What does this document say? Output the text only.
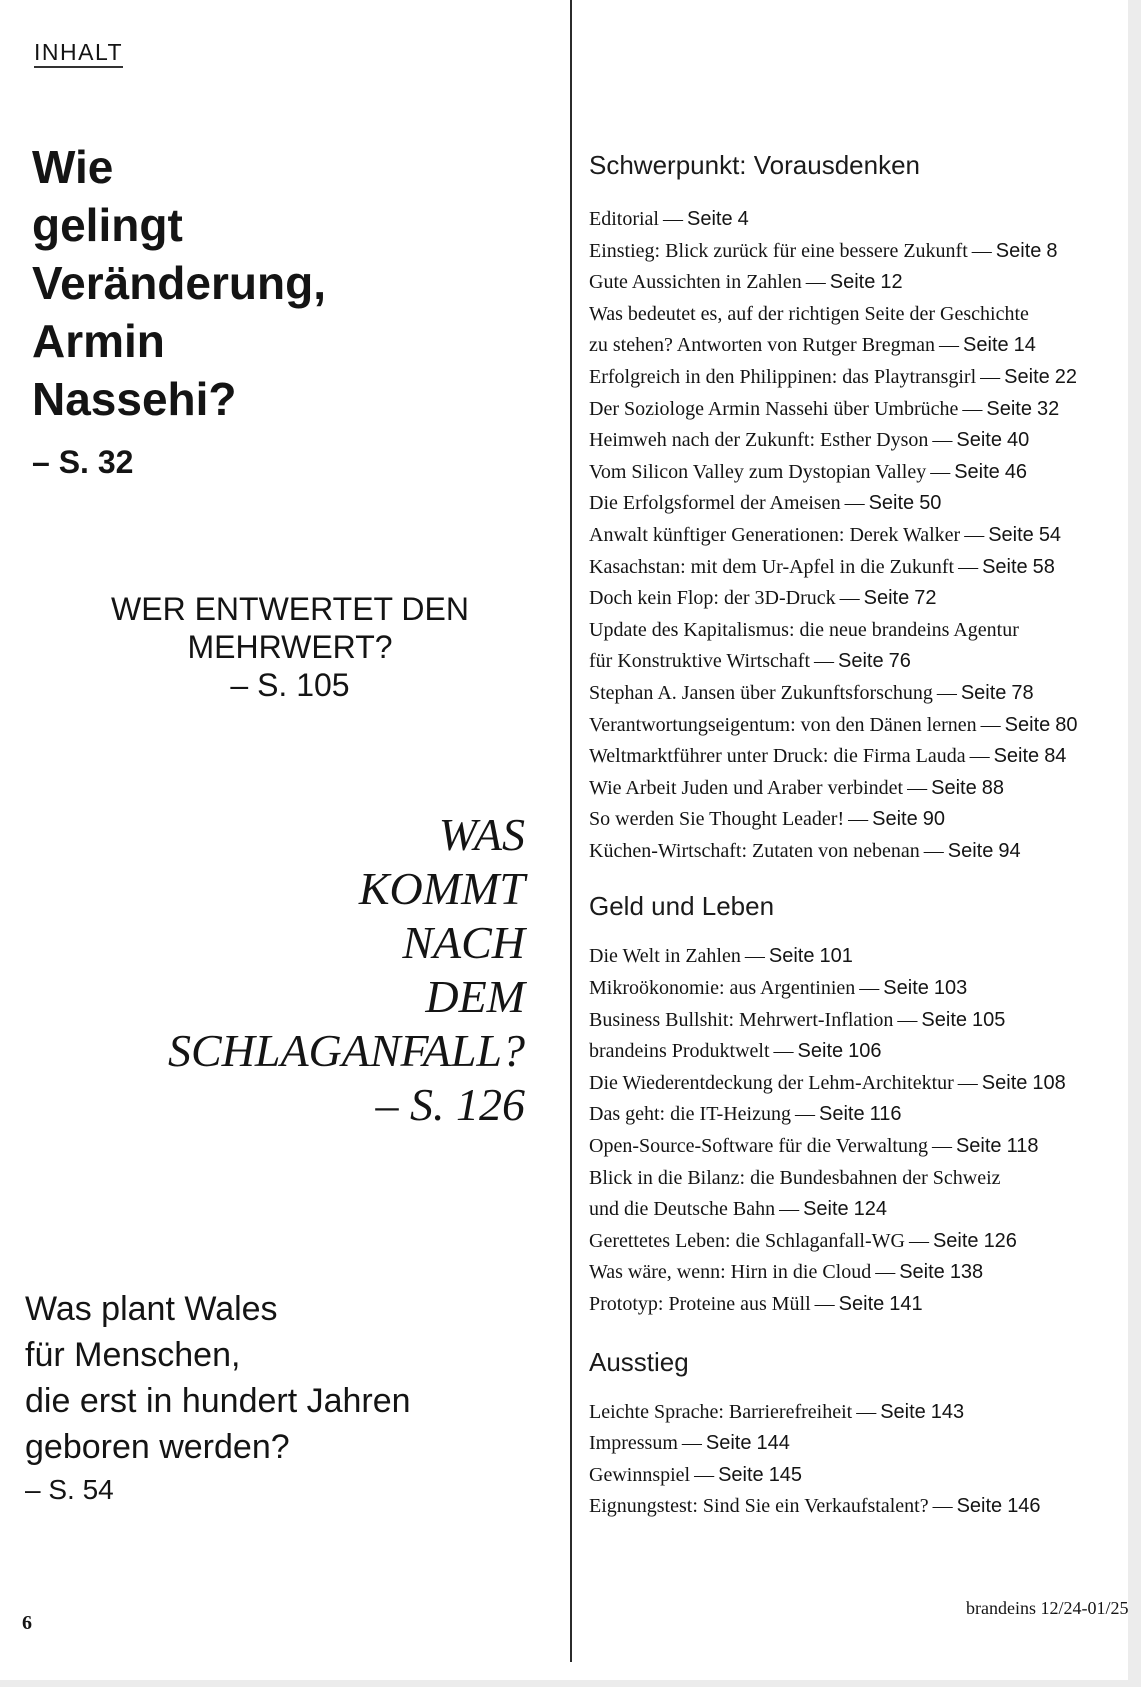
INHALT
Wie
gelingt
Veränderung,
Armin
Nassehi?
– S. 32
WER ENTWERTET DEN
MEHRWERT?
– S. 105
WAS
KOMMT
NACH
DEM
SCHLAGANFALL?
– S. 126
Was plant Wales
für Menschen,
die erst in hundert Jahren
geboren werden?
– S. 54
Schwerpunkt: Vorausdenken
Editorial — Seite 4
Einstieg: Blick zurück für eine bessere Zukunft — Seite 8
Gute Aussichten in Zahlen — Seite 12
Was bedeutet es, auf der richtigen Seite der Geschichte
zu stehen? Antworten von Rutger Bregman — Seite 14
Erfolgreich in den Philippinen: das Playtransgirl — Seite 22
Der Soziologe Armin Nassehi über Umbrüche — Seite 32
Heimweh nach der Zukunft: Esther Dyson — Seite 40
Vom Silicon Valley zum Dystopian Valley — Seite 46
Die Erfolgsformel der Ameisen — Seite 50
Anwalt künftiger Generationen: Derek Walker — Seite 54
Kasachstan: mit dem Ur-Apfel in die Zukunft — Seite 58
Doch kein Flop: der 3D-Druck — Seite 72
Update des Kapitalismus: die neue brandeins Agentur
für Konstruktive Wirtschaft — Seite 76
Stephan A. Jansen über Zukunftsforschung — Seite 78
Verantwortungseigentum: von den Dänen lernen — Seite 80
Weltmarktführer unter Druck: die Firma Lauda — Seite 84
Wie Arbeit Juden und Araber verbindet — Seite 88
So werden Sie Thought Leader! — Seite 90
Küchen-Wirtschaft: Zutaten von nebenan — Seite 94
Geld und Leben
Die Welt in Zahlen — Seite 101
Mikroökonomie: aus Argentinien — Seite 103
Business Bullshit: Mehrwert-Inflation — Seite 105
brandeins Produktwelt — Seite 106
Die Wiederentdeckung der Lehm-Architektur — Seite 108
Das geht: die IT-Heizung — Seite 116
Open-Source-Software für die Verwaltung — Seite 118
Blick in die Bilanz: die Bundesbahnen der Schweiz
und die Deutsche Bahn — Seite 124
Gerettetes Leben: die Schlaganfall-WG — Seite 126
Was wäre, wenn: Hirn in die Cloud — Seite 138
Prototyp: Proteine aus Müll — Seite 141
Ausstieg
Leichte Sprache: Barrierefreiheit — Seite 143
Impressum — Seite 144
Gewinnspiel — Seite 145
Eignungstest: Sind Sie ein Verkaufstalent? — Seite 146
6
brandeins 12/24-01/25
